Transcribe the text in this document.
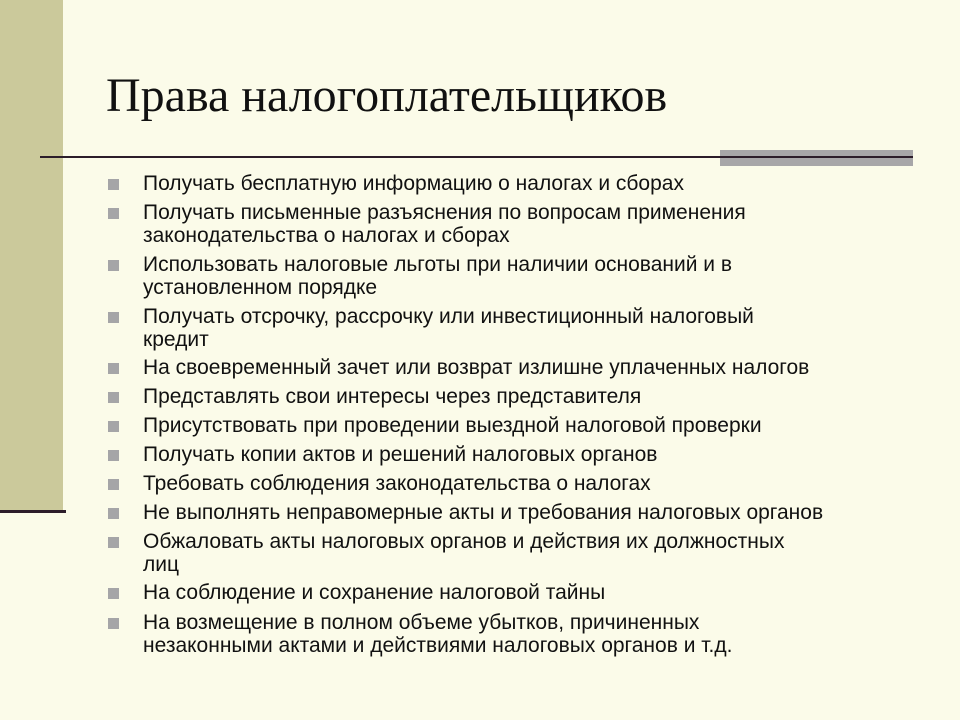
Права налогоплательщиков
Получать бесплатную информацию о налогах и сборах
Получать письменные разъяснения по вопросам применения
законодательства о налогах и сборах
Использовать налоговые льготы при наличии оснований и в
установленном порядке
Получать отсрочку, рассрочку или инвестиционный налоговый
кредит
На своевременный зачет или возврат излишне уплаченных налогов
Представлять свои интересы через представителя
Присутствовать при проведении выездной налоговой проверки
Получать копии актов и решений налоговых органов
Требовать соблюдения законодательства о налогах
Не выполнять неправомерные акты и требования налоговых органов
Обжаловать акты налоговых органов и действия их должностных
лиц
На соблюдение и сохранение налоговой тайны
На возмещение в полном объеме убытков, причиненных
незаконными актами и действиями налоговых органов и т.д.
